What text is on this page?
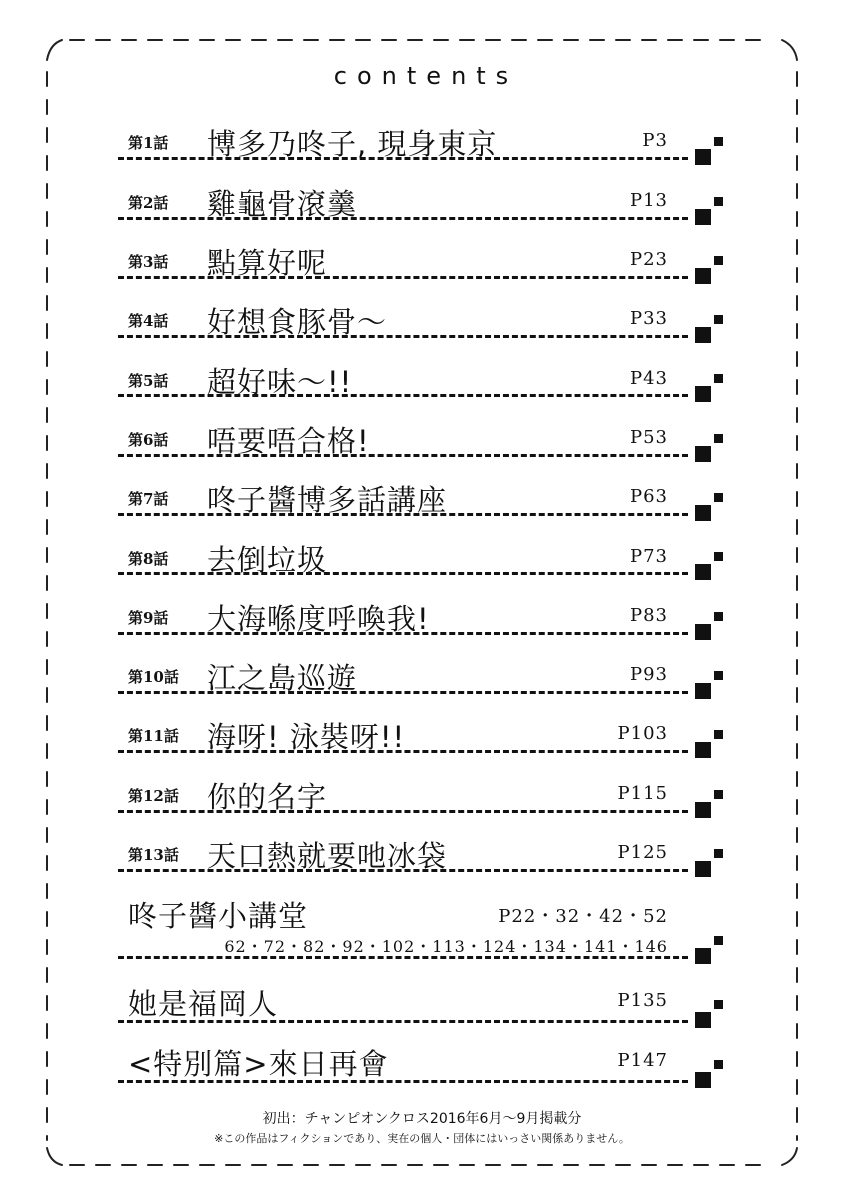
contents
第1話 博多乃咚子, 現身東京	P3
第2話 雞龜骨滾羹	P13
第3話 點算好呢	P23
第4話 好想食豚骨～	P33
第5話 超好味～!!	P43
第6話 唔要唔合格!	P53
第7話 咚子醬博多話講座	P63
第8話 去倒垃圾	P73
第9話 大海喺度呼喚我!	P83
第10話 江之島巡遊	P93
第11話 海呀! 泳裝呀!!	P103
第12話 你的名字	P115
第13話 天口熱就要吔冰袋	P125
咚子醬小講堂	P22・32・42・52
62・72・82・92・102・113・124・134・141・146
她是福岡人	P135
<特別篇>來日再會	P147
初出：チャンピオンクロス2016年6月～9月掲載分
※この作品はフィクションであり、実在の個人・団体にはいっさい関係ありません。
